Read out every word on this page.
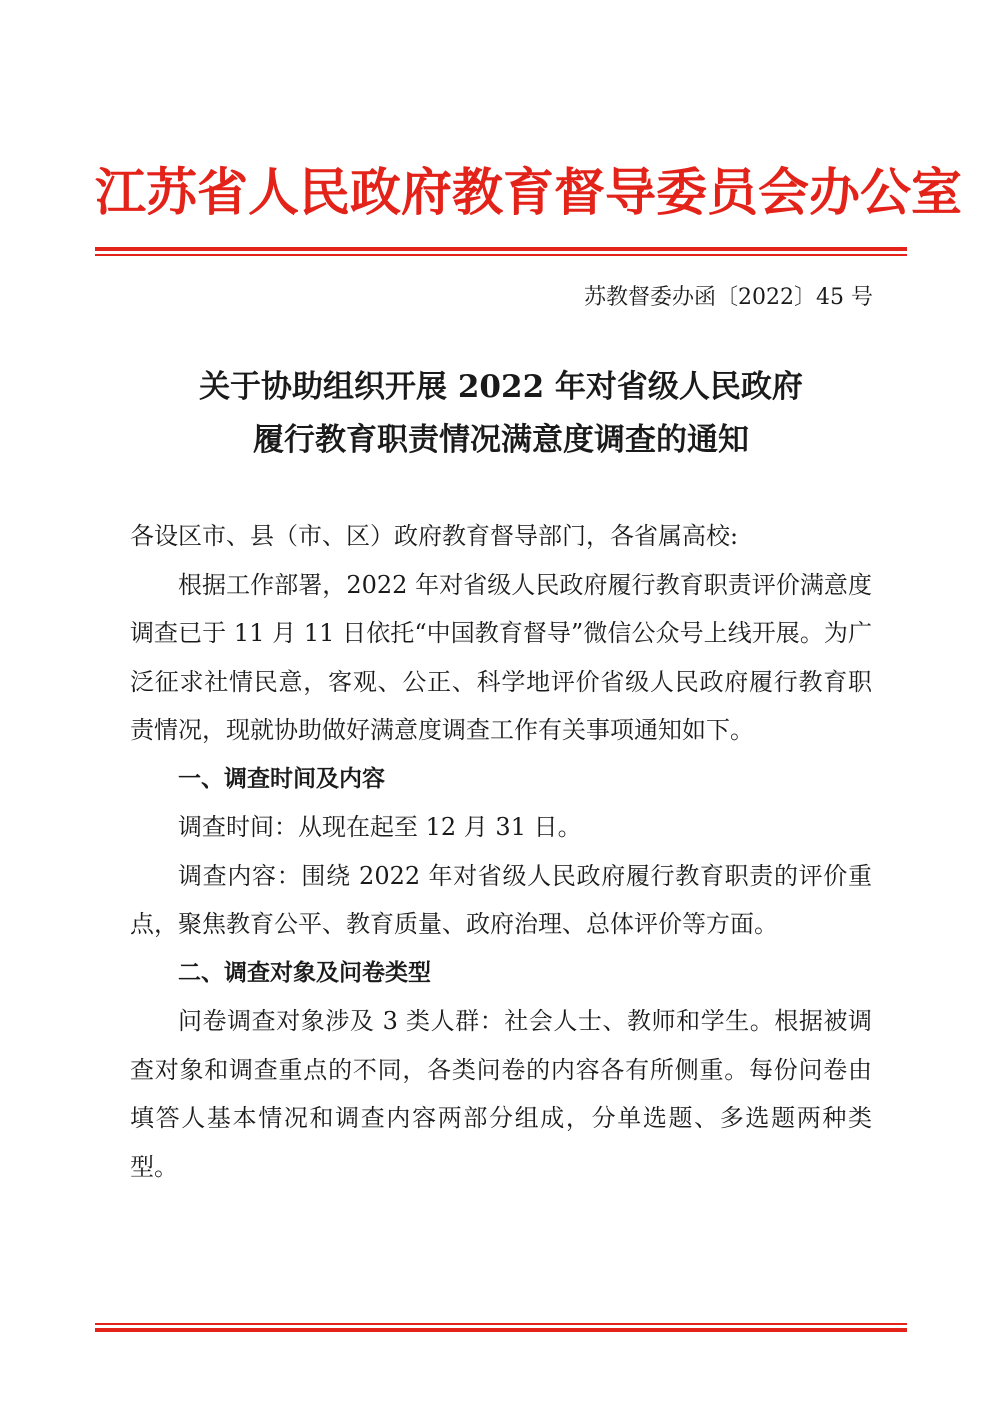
江苏省人民政府教育督导委员会办公室
苏教督委办函〔2022〕45 号
关于协助组织开展 2022 年对省级人民政府
履行教育职责情况满意度调查的通知

各设区市、县（市、区）政府教育督导部门，各省属高校:

根据工作部署，2022 年对省级人民政府履行教育职责评价满意度调查已于 11 月 11 日依托“中国教育督导”微信公众号上线开展。为广泛征求社情民意，客观、公正、科学地评价省级人民政府履行教育职责情况，现就协助做好满意度调查工作有关事项通知如下。

一、调查时间及内容

调查时间：从现在起至 12 月 31 日。

调查内容：围绕 2022 年对省级人民政府履行教育职责的评价重点，聚焦教育公平、教育质量、政府治理、总体评价等方面。

二、调查对象及问卷类型

问卷调查对象涉及 3 类人群：社会人士、教师和学生。根据被调查对象和调查重点的不同，各类问卷的内容各有所侧重。每份问卷由填答人基本情况和调查内容两部分组成，分单选题、多选题两种类型。
